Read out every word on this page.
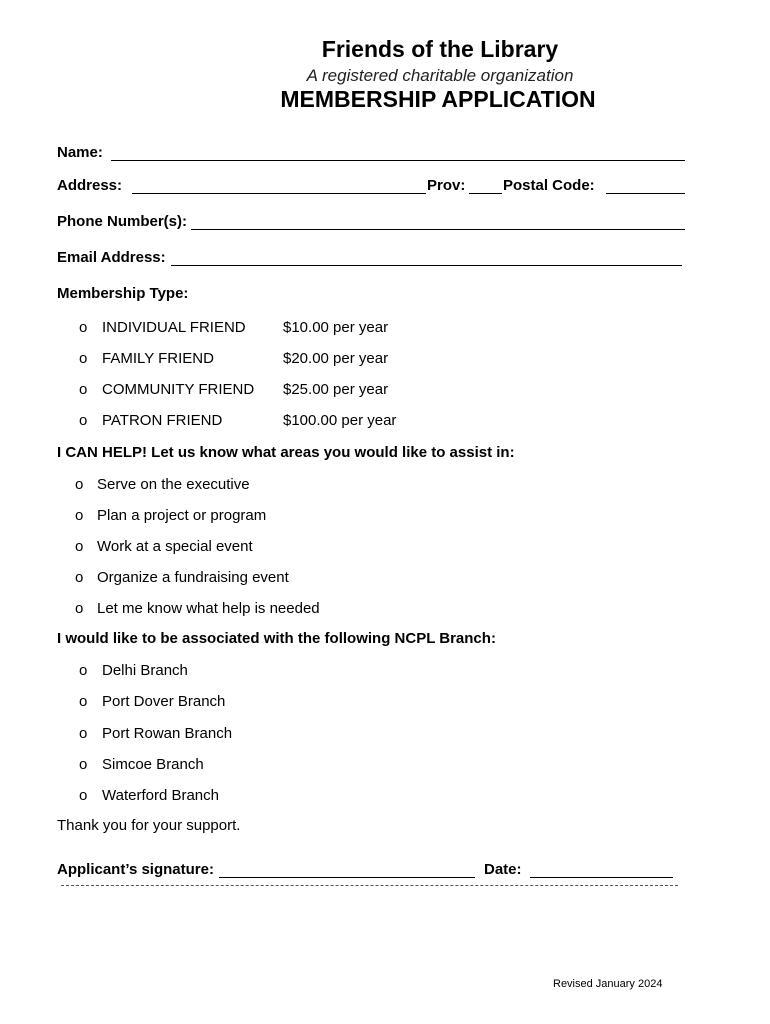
Friends of the Library
A registered charitable organization
MEMBERSHIP APPLICATION
Name:
Address:	Prov:	Postal Code:
Phone Number(s):
Email Address:
Membership Type:
o INDIVIDUAL FRIEND $10.00 per year
o FAMILY FRIEND	$20.00 per year
o COMMUNITY FRIEND $25.00 per year
o PATRON FRIEND	$100.00 per year
I CAN HELP! Let us know what areas you would like to assist in:
o Serve on the executive
o Plan a project or program
o Work at a special event
o Organize a fundraising event
o Let me know what help is needed
I would like to be associated with the following NCPL Branch:
o Delhi Branch
o Port Dover Branch
o Port Rowan Branch
o Simcoe Branch
o Waterford Branch
Thank you for your support.
Applicant’s signature:	Date:
Revised January 2024
